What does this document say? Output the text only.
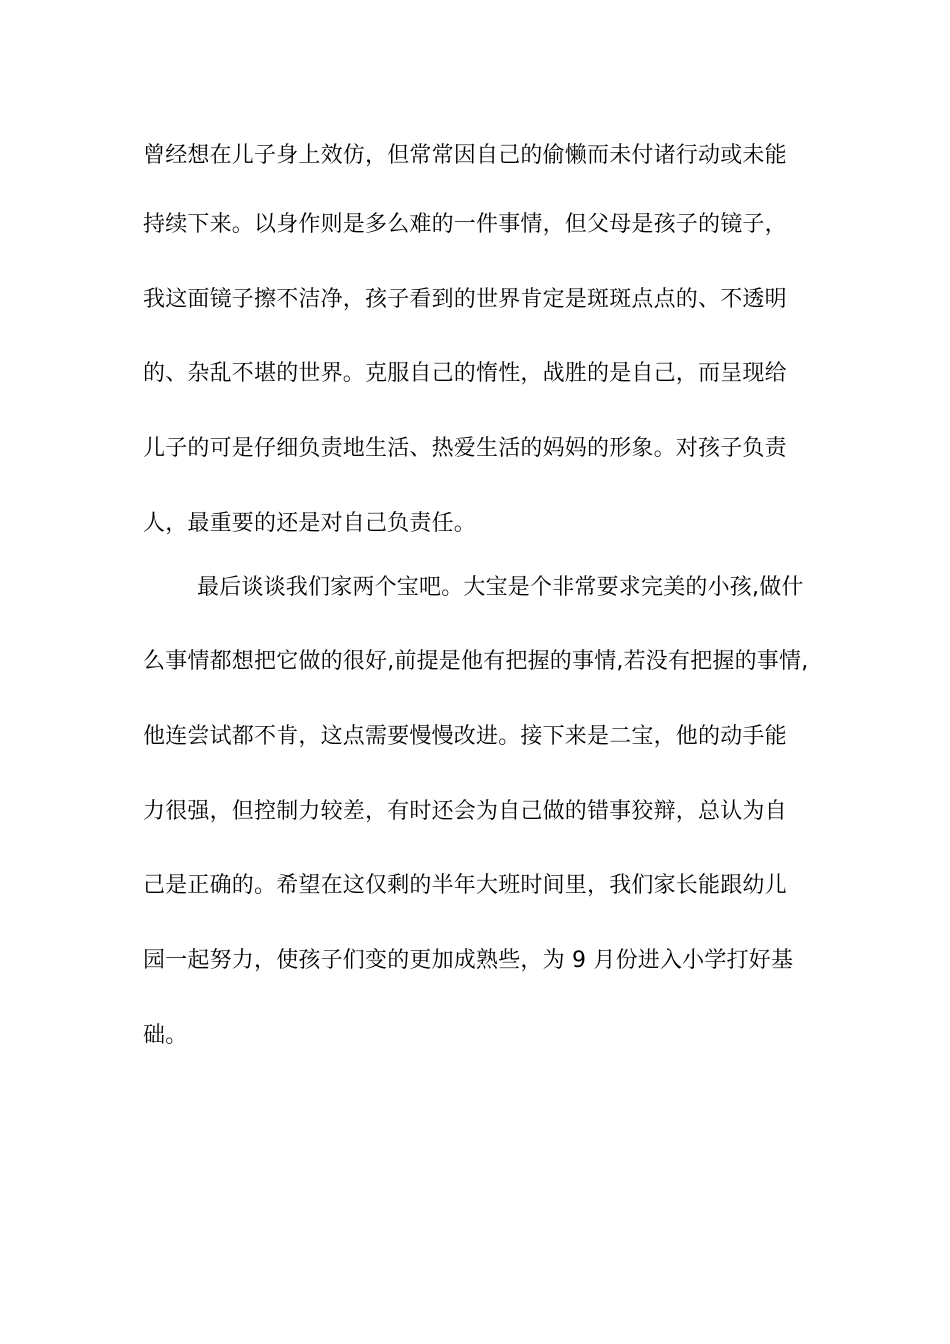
曾经想在儿子身上效仿，但常常因自己的偷懒而未付诸行动或未能
持续下来。以身作则是多么难的一件事情，但父母是孩子的镜子，
我这面镜子擦不洁净，孩子看到的世界肯定是斑斑点点的、不透明
的、杂乱不堪的世界。克服自己的惰性，战胜的是自己，而呈现给
儿子的可是仔细负责地生活、热爱生活的妈妈的形象。对孩子负责
人，最重要的还是对自己负责任。
最后谈谈我们家两个宝吧。大宝是个非常要求完美的小孩,做什
么事情都想把它做的很好,前提是他有把握的事情,若没有把握的事情,
他连尝试都不肯，这点需要慢慢改进。接下来是二宝，他的动手能
力很强，但控制力较差，有时还会为自己做的错事狡辩，总认为自
己是正确的。希望在这仅剩的半年大班时间里，我们家长能跟幼儿
园一起努力，使孩子们变的更加成熟些，为 9 月份进入小学打好基
础。
